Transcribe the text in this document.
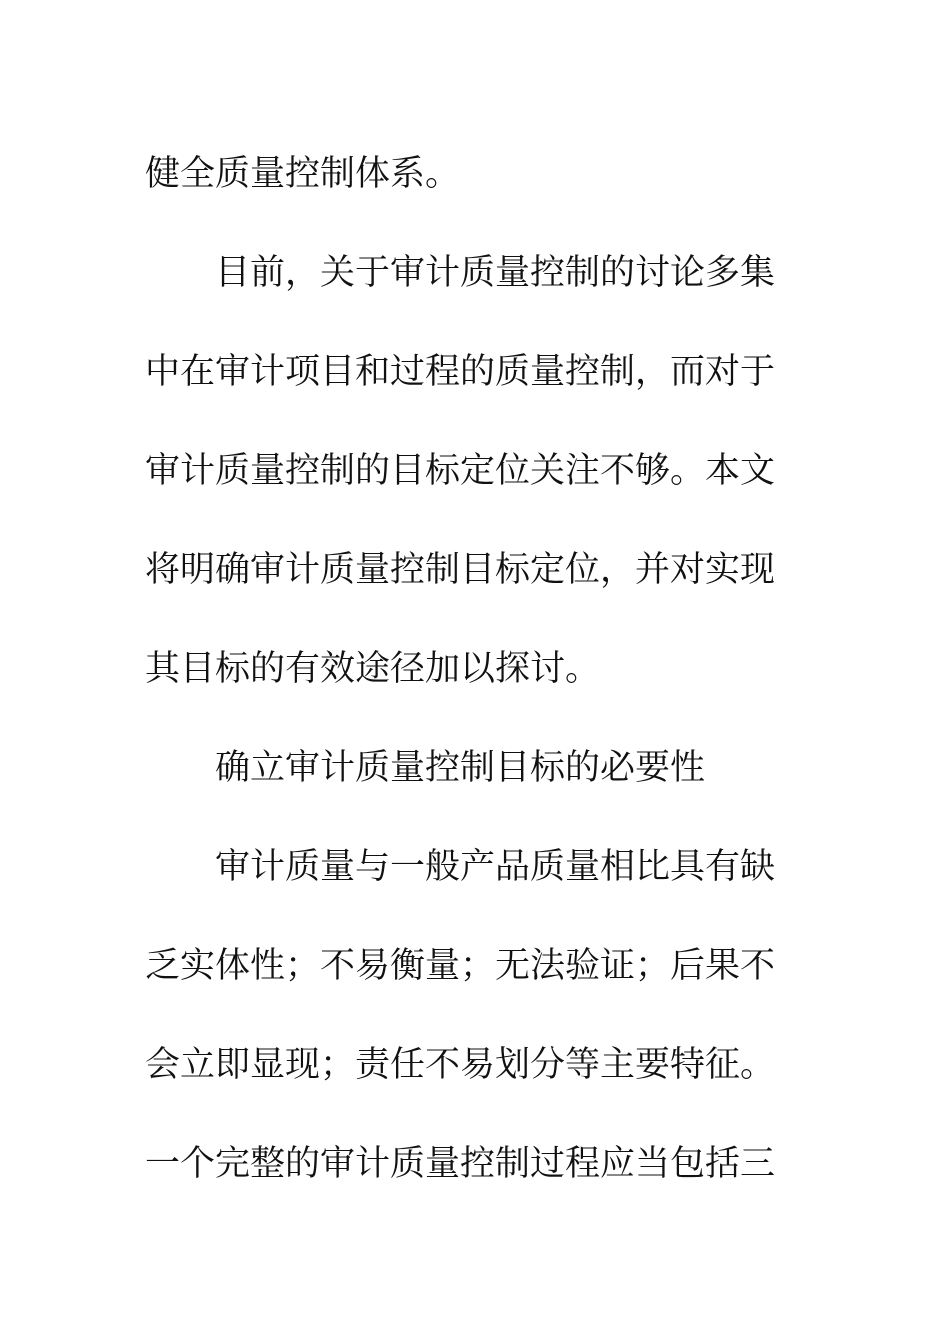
健全质量控制体系。
目前，关于审计质量控制的讨论多集
中在审计项目和过程的质量控制，而对于
审计质量控制的目标定位关注不够。本文
将明确审计质量控制目标定位，并对实现
其目标的有效途径加以探讨。
确立审计质量控制目标的必要性
审计质量与一般产品质量相比具有缺
乏实体性；不易衡量；无法验证；后果不
会立即显现；责任不易划分等主要特征。
一个完整的审计质量控制过程应当包括三
